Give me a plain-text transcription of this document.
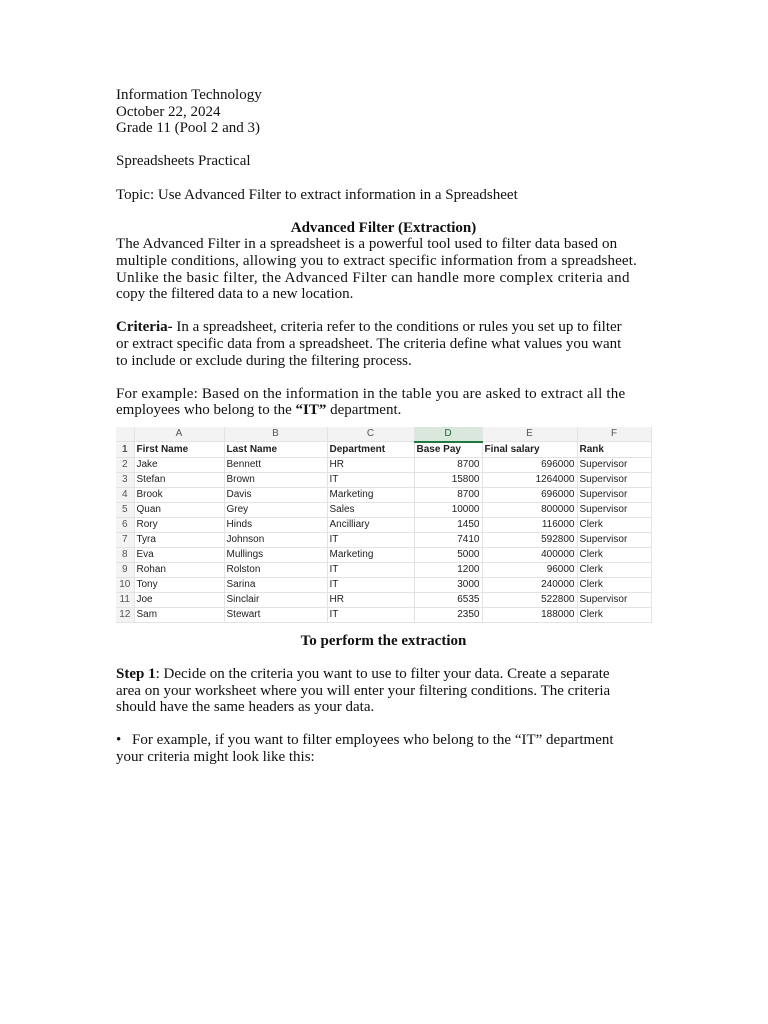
Information Technology

October 22, 2024

Grade 11 (Pool 2 and 3)

Spreadsheets Practical

Topic: Use Advanced Filter to extract information in a Spreadsheet

Advanced Filter (Extraction)

The Advanced Filter in a spreadsheet is a powerful tool used to filter data based on

multiple conditions, allowing you to extract specific information from a spreadsheet.

Unlike the basic filter, the Advanced Filter can handle more complex criteria and

copy the filtered data to a new location.

Criteria- In a spreadsheet, criteria refer to the conditions or rules you set up to filter

or extract specific data from a spreadsheet. The criteria define what values you want

to include or exclude during the filtering process.

For example: Based on the information in the table you are asked to extract all the

employees who belong to the “IT” department.

	A	B	C	D	E	F
1	First Name	Last Name	Department	Base Pay	Final salary	Rank
2	Jake	Bennett	HR	8700	696000	Supervisor
3	Stefan	Brown	IT	15800	1264000	Supervisor
4	Brook	Davis	Marketing	8700	696000	Supervisor
5	Quan	Grey	Sales	10000	800000	Supervisor
6	Rory	Hinds	Ancilliary	1450	116000	Clerk
7	Tyra	Johnson	IT	7410	592800	Supervisor
8	Eva	Mullings	Marketing	5000	400000	Clerk
9	Rohan	Rolston	IT	1200	96000	Clerk
10	Tony	Sarina	IT	3000	240000	Clerk
11	Joe	Sinclair	HR	6535	522800	Supervisor
12	Sam	Stewart	IT	2350	188000	Clerk

To perform the extraction

Step 1: Decide on the criteria you want to use to filter your data. Create a separate

area on your worksheet where you will enter your filtering conditions. The criteria

should have the same headers as your data.

• For example, if you want to filter employees who belong to the “IT” department

your criteria might look like this:
